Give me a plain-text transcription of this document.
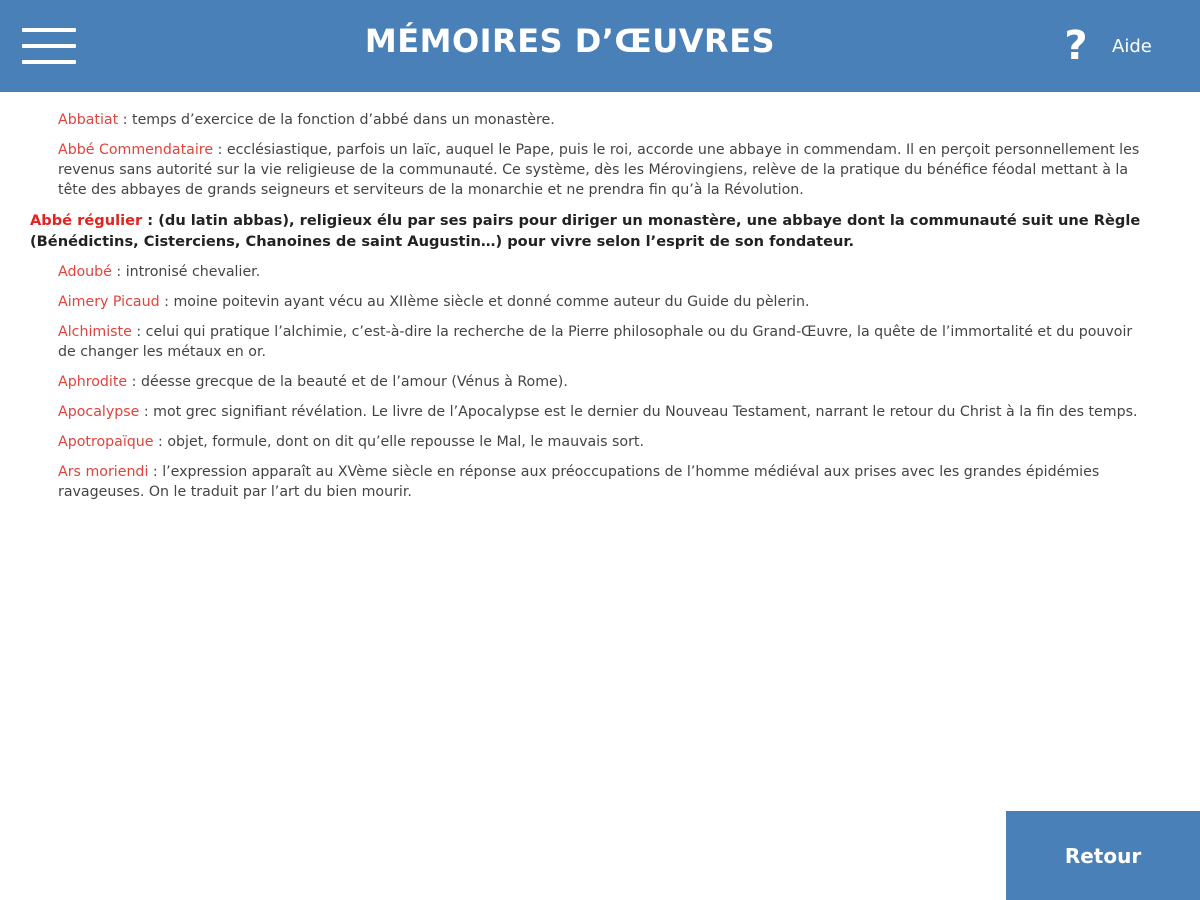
MÉMOIRES D’ŒUVRES	? Aide

Abbatiat : temps d’exercice de la fonction d’abbé dans un monastère.

Abbé Commendataire : ecclésiastique, parfois un laïc, auquel le Pape, puis le roi, accorde une abbaye in commendam. Il en perçoit personnellement les revenus sans autorité sur la vie religieuse de la communauté. Ce système, dès les Mérovingiens, relève de la pratique du bénéfice féodal mettant à la tête des abbayes de grands seigneurs et serviteurs de la monarchie et ne prendra fin qu’à la Révolution.

Abbé régulier : (du latin abbas), religieux élu par ses pairs pour diriger un monastère, une abbaye dont la communauté suit une Règle (Bénédictins, Cisterciens, Chanoines de saint Augustin…) pour vivre selon l’esprit de son fondateur.

Adoubé : intronisé chevalier.

Aimery Picaud : moine poitevin ayant vécu au XIIème siècle et donné comme auteur du Guide du pèlerin.

Alchimiste : celui qui pratique l’alchimie, c’est-à-dire la recherche de la Pierre philosophale ou du Grand-Œuvre, la quête de l’immortalité et du pouvoir de changer les métaux en or.

Aphrodite : déesse grecque de la beauté et de l’amour (Vénus à Rome).

Apocalypse : mot grec signifiant révélation. Le livre de l’Apocalypse est le dernier du Nouveau Testament, narrant le retour du Christ à la fin des temps.

Apotropaïque : objet, formule, dont on dit qu’elle repousse le Mal, le mauvais sort.

Ars moriendi : l’expression apparaît au XVème siècle en réponse aux préoccupations de l’homme médiéval aux prises avec les grandes épidémies ravageuses. On le traduit par l’art du bien mourir.

Retour
